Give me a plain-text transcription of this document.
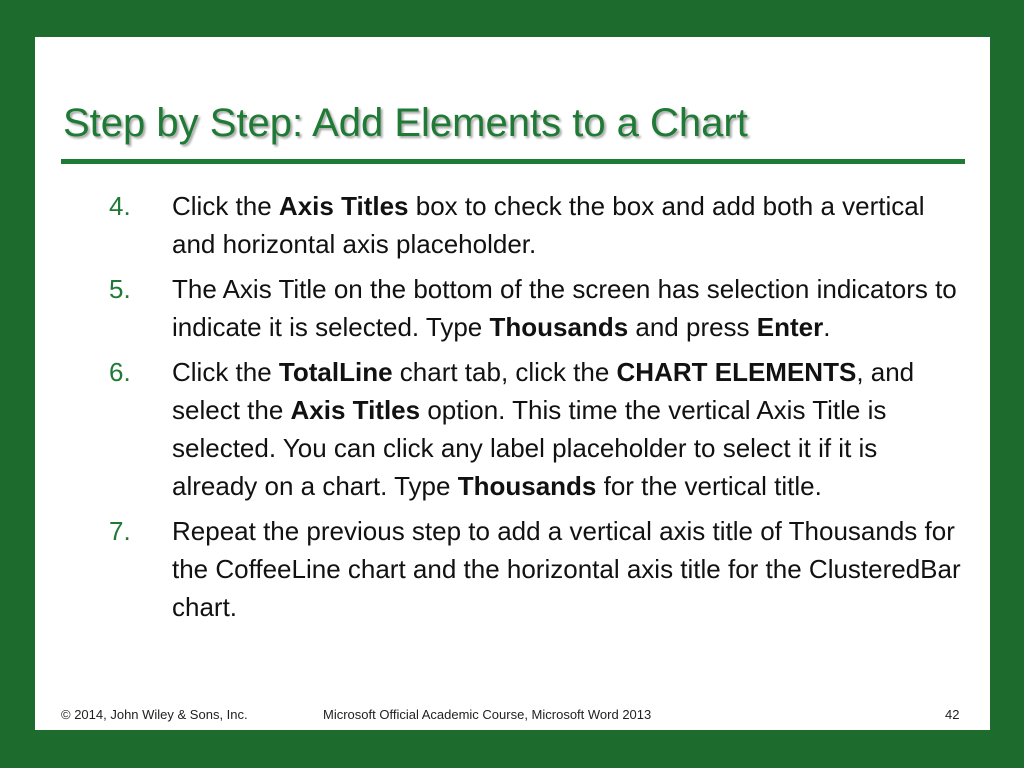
Step by Step: Add Elements to a Chart
4. Click the Axis Titles box to check the box and add both a vertical and horizontal axis placeholder.
5. The Axis Title on the bottom of the screen has selection indicators to indicate it is selected. Type Thousands and press Enter.
6. Click the TotalLine chart tab, click the CHART ELEMENTS, and select the Axis Titles option. This time the vertical Axis Title is selected. You can click any label placeholder to select it if it is already on a chart. Type Thousands for the vertical title.
7. Repeat the previous step to add a vertical axis title of Thousands for the CoffeeLine chart and the horizontal axis title for the ClusteredBar chart.
© 2014, John Wiley & Sons, Inc.	Microsoft Official Academic Course, Microsoft Word 2013	42
